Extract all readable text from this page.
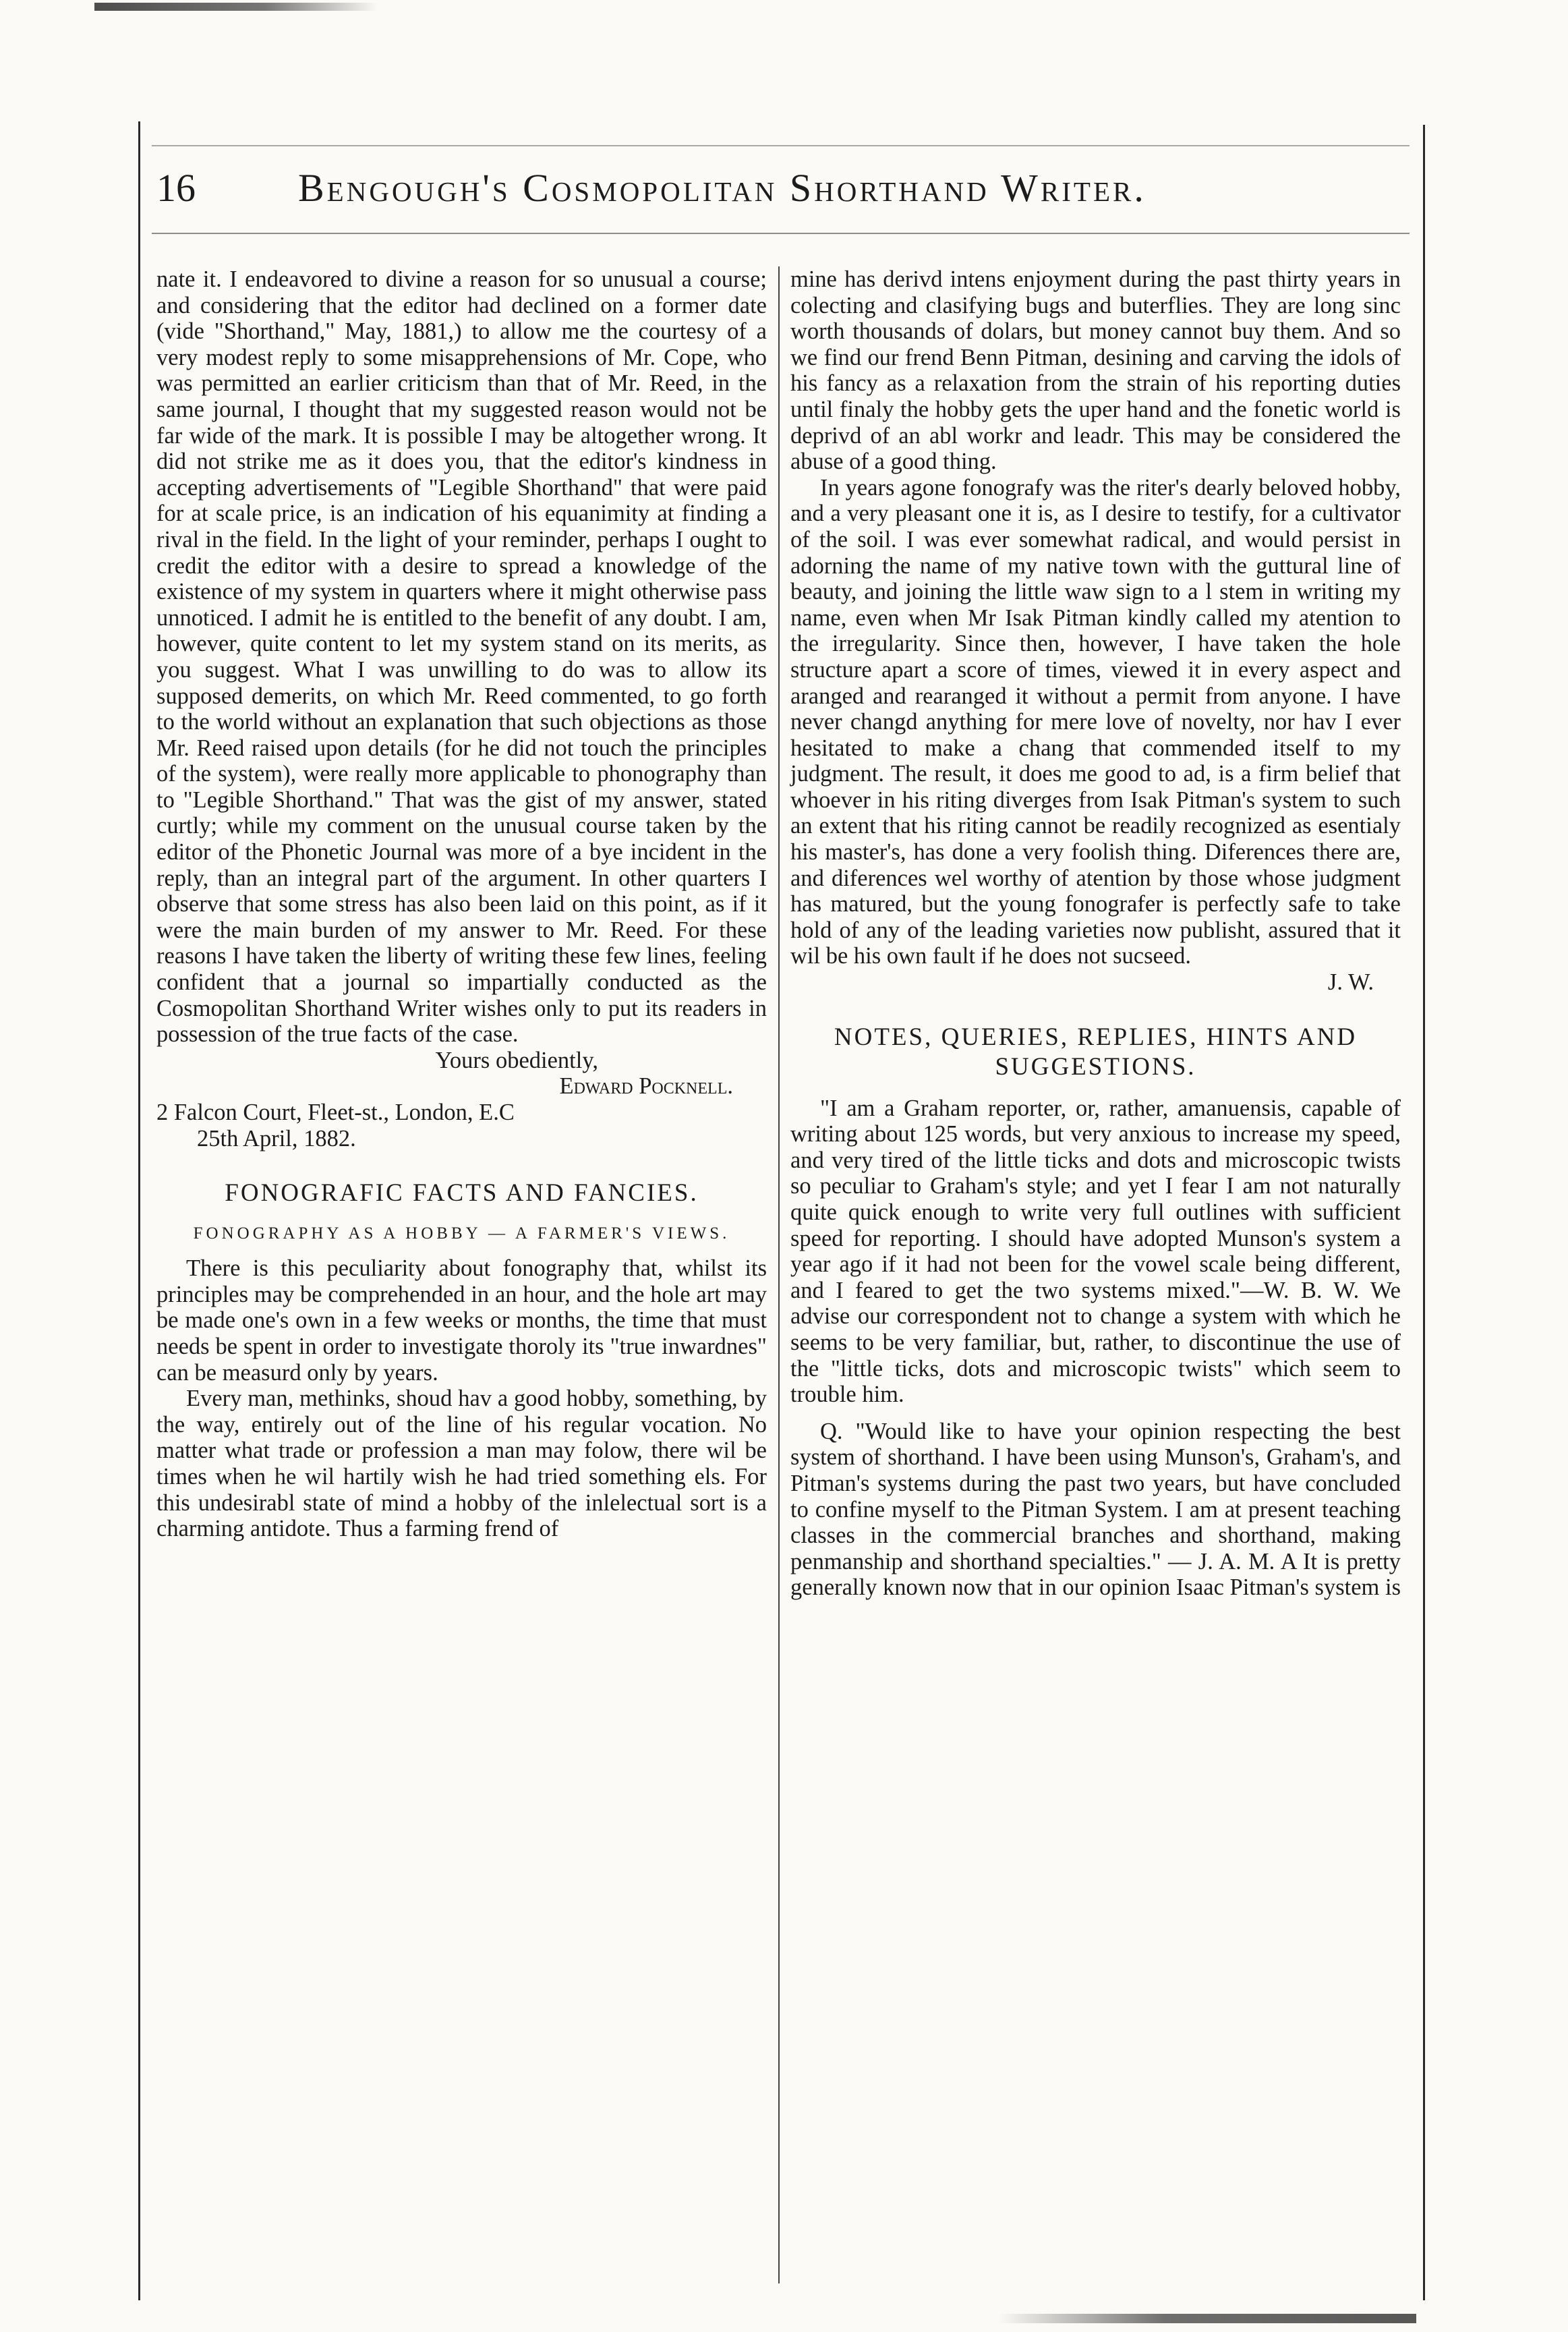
16	Bengough's Cosmopolitan Shorthand Writer.

nate it. I endeavored to divine a reason for so unusual a course; and considering that the editor had declined on a former date (vide "Shorthand," May, 1881,) to allow me the courtesy of a very modest reply to some misapprehensions of Mr. Cope, who was permitted an earlier criticism than that of Mr. Reed, in the same journal, I thought that my suggested reason would not be far wide of the mark. It is possible I may be altogether wrong. It did not strike me as it does you, that the editor's kindness in accepting advertisements of "Legible Shorthand" that were paid for at scale price, is an indication of his equanimity at finding a rival in the field. In the light of your reminder, perhaps I ought to credit the editor with a desire to spread a knowledge of the existence of my system in quarters where it might otherwise pass unnoticed. I admit he is entitled to the benefit of any doubt. I am, however, quite content to let my system stand on its merits, as you suggest. What I was unwilling to do was to allow its supposed demerits, on which Mr. Reed commented, to go forth to the world without an explanation that such objections as those Mr. Reed raised upon details (for he did not touch the principles of the system), were really more applicable to phonography than to "Legible Shorthand." That was the gist of my answer, stated curtly; while my comment on the unusual course taken by the editor of the Phonetic Journal was more of a bye incident in the reply, than an integral part of the argument. In other quarters I observe that some stress has also been laid on this point, as if it were the main burden of my answer to Mr. Reed. For these reasons I have taken the liberty of writing these few lines, feeling confident that a journal so impartially conducted as the Cosmopolitan Shorthand Writer wishes only to put its readers in possession of the true facts of the case.

Yours obediently,

Edward Pocknell.

2 Falcon Court, Fleet-st., London, E.C

25th April, 1882.

FONOGRAFIC FACTS AND FANCIES.
FONOGRAPHY AS A HOBBY — A FARMER'S VIEWS.

There is this peculiarity about fonography that, whilst its principles may be comprehended in an hour, and the hole art may be made one's own in a few weeks or months, the time that must needs be spent in order to investigate thoroly its "true inwardnes" can be measurd only by years.

Every man, methinks, shoud hav a good hobby, something, by the way, entirely out of the line of his regular vocation. No matter what trade or profession a man may folow, there wil be times when he wil hartily wish he had tried something els. For this undesirabl state of mind a hobby of the inlelectual sort is a charming antidote. Thus a farming frend of

mine has derivd intens enjoyment during the past thirty years in colecting and clasifying bugs and buterflies. They are long sinc worth thousands of dolars, but money cannot buy them. And so we find our frend Benn Pitman, desining and carving the idols of his fancy as a relaxation from the strain of his reporting duties until finaly the hobby gets the uper hand and the fonetic world is deprivd of an abl workr and leadr. This may be considered the abuse of a good thing.

In years agone fonografy was the riter's dearly beloved hobby, and a very pleasant one it is, as I desire to testify, for a cultivator of the soil. I was ever somewhat radical, and would persist in adorning the name of my native town with the guttural line of beauty, and joining the little waw sign to a l stem in writing my name, even when Mr Isak Pitman kindly called my atention to the irregularity. Since then, however, I have taken the hole structure apart a score of times, viewed it in every aspect and aranged and rearanged it without a permit from anyone. I have never changd anything for mere love of novelty, nor hav I ever hesitated to make a chang that commended itself to my judgment. The result, it does me good to ad, is a firm belief that whoever in his riting diverges from Isak Pitman's system to such an extent that his riting cannot be readily recognized as esentialy his master's, has done a very foolish thing. Diferences there are, and diferences wel worthy of atention by those whose judgment has matured, but the young fonografer is perfectly safe to take hold of any of the leading varieties now publisht, assured that it wil be his own fault if he does not sucseed.

J. W.

NOTES, QUERIES, REPLIES, HINTS AND SUGGESTIONS.

"I am a Graham reporter, or, rather, amanuensis, capable of writing about 125 words, but very anxious to increase my speed, and very tired of the little ticks and dots and microscopic twists so peculiar to Graham's style; and yet I fear I am not naturally quite quick enough to write very full outlines with sufficient speed for reporting. I should have adopted Munson's system a year ago if it had not been for the vowel scale being different, and I feared to get the two systems mixed."—W. B. W. We advise our correspondent not to change a system with which he seems to be very familiar, but, rather, to discontinue the use of the "little ticks, dots and microscopic twists" which seem to trouble him.

Q. "Would like to have your opinion respecting the best system of shorthand. I have been using Munson's, Graham's, and Pitman's systems during the past two years, but have concluded to confine myself to the Pitman System. I am at present teaching classes in the commercial branches and shorthand, making penmanship and shorthand specialties." — J. A. M. A It is pretty generally known now that in our opinion Isaac Pitman's system is
